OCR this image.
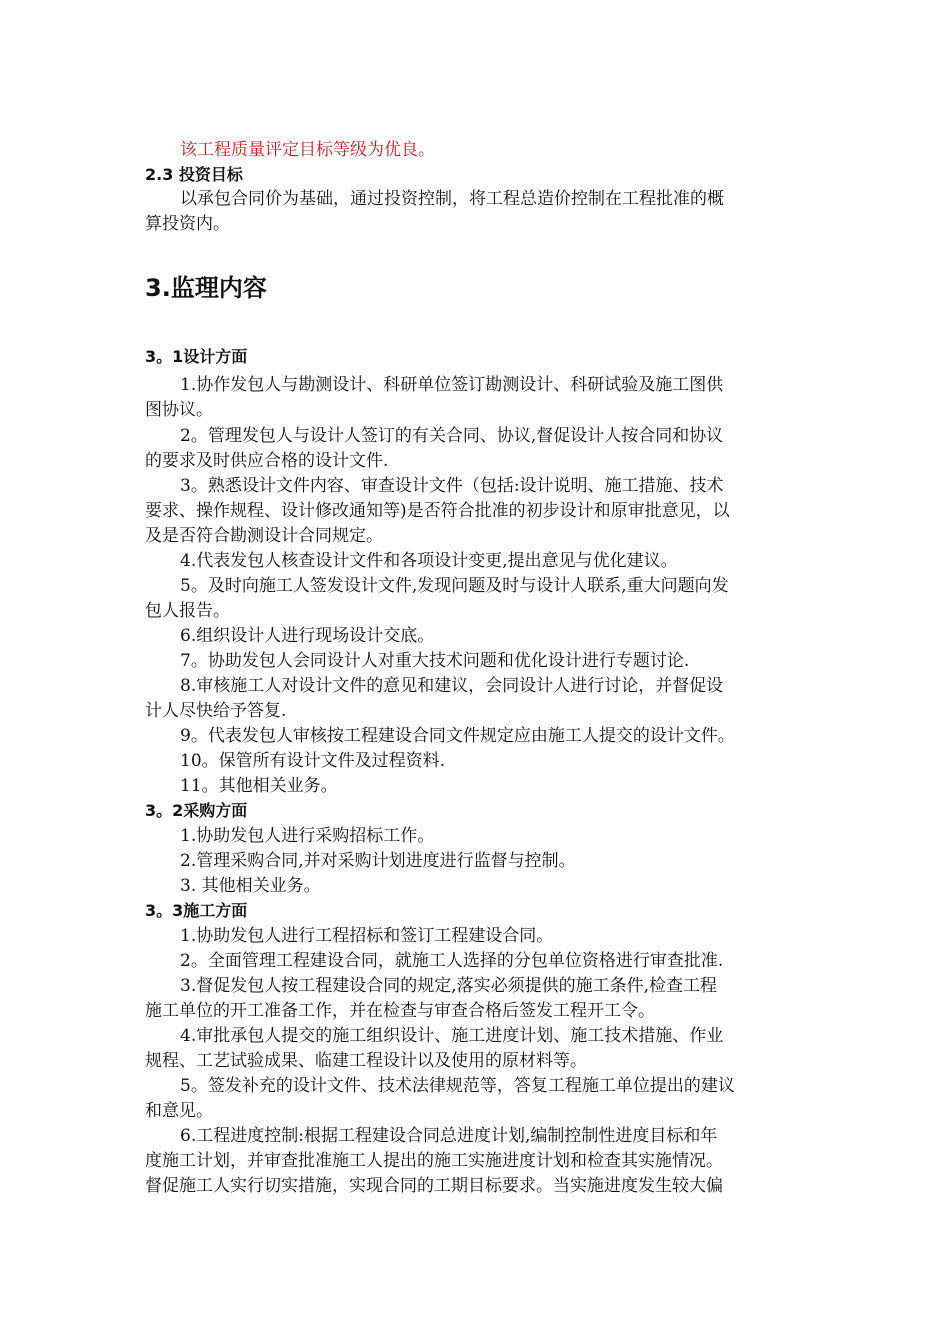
该工程质量评定目标等级为优良。
2.3 投资目标
以承包合同价为基础，通过投资控制，将工程总造价控制在工程批准的概
算投资内。
3.监理内容
3。1设计方面
1.协作发包人与勘测设计、科研单位签订勘测设计、科研试验及施工图供
图协议。
2。管理发包人与设计人签订的有关合同、协议,督促设计人按合同和协议
的要求及时供应合格的设计文件.
3。熟悉设计文件内容、审查设计文件（包括:设计说明、施工措施、技术
要求、操作规程、设计修改通知等)是否符合批准的初步设计和原审批意见，以
及是否符合勘测设计合同规定。
4.代表发包人核查设计文件和各项设计变更,提出意见与优化建议。
5。及时向施工人签发设计文件,发现问题及时与设计人联系,重大问题向发
包人报告。
6.组织设计人进行现场设计交底。
7。协助发包人会同设计人对重大技术问题和优化设计进行专题讨论.
8.审核施工人对设计文件的意见和建议，会同设计人进行讨论，并督促设
计人尽快给予答复.
9。代表发包人审核按工程建设合同文件规定应由施工人提交的设计文件。
10。保管所有设计文件及过程资料.
11。其他相关业务。
3。2采购方面
1.协助发包人进行采购招标工作。
2.管理采购合同,并对采购计划进度进行监督与控制。
3. 其他相关业务。
3。3施工方面
1.协助发包人进行工程招标和签订工程建设合同。
2。全面管理工程建设合同，就施工人选择的分包单位资格进行审查批准.
3.督促发包人按工程建设合同的规定,落实必须提供的施工条件,检查工程
施工单位的开工准备工作，并在检查与审查合格后签发工程开工令。
4.审批承包人提交的施工组织设计、施工进度计划、施工技术措施、作业
规程、工艺试验成果、临建工程设计以及使用的原材料等。
5。签发补充的设计文件、技术法律规范等，答复工程施工单位提出的建议
和意见。
6.工程进度控制:根据工程建设合同总进度计划,编制控制性进度目标和年
度施工计划，并审查批准施工人提出的施工实施进度计划和检查其实施情况。
督促施工人实行切实措施，实现合同的工期目标要求。当实施进度发生较大偏
